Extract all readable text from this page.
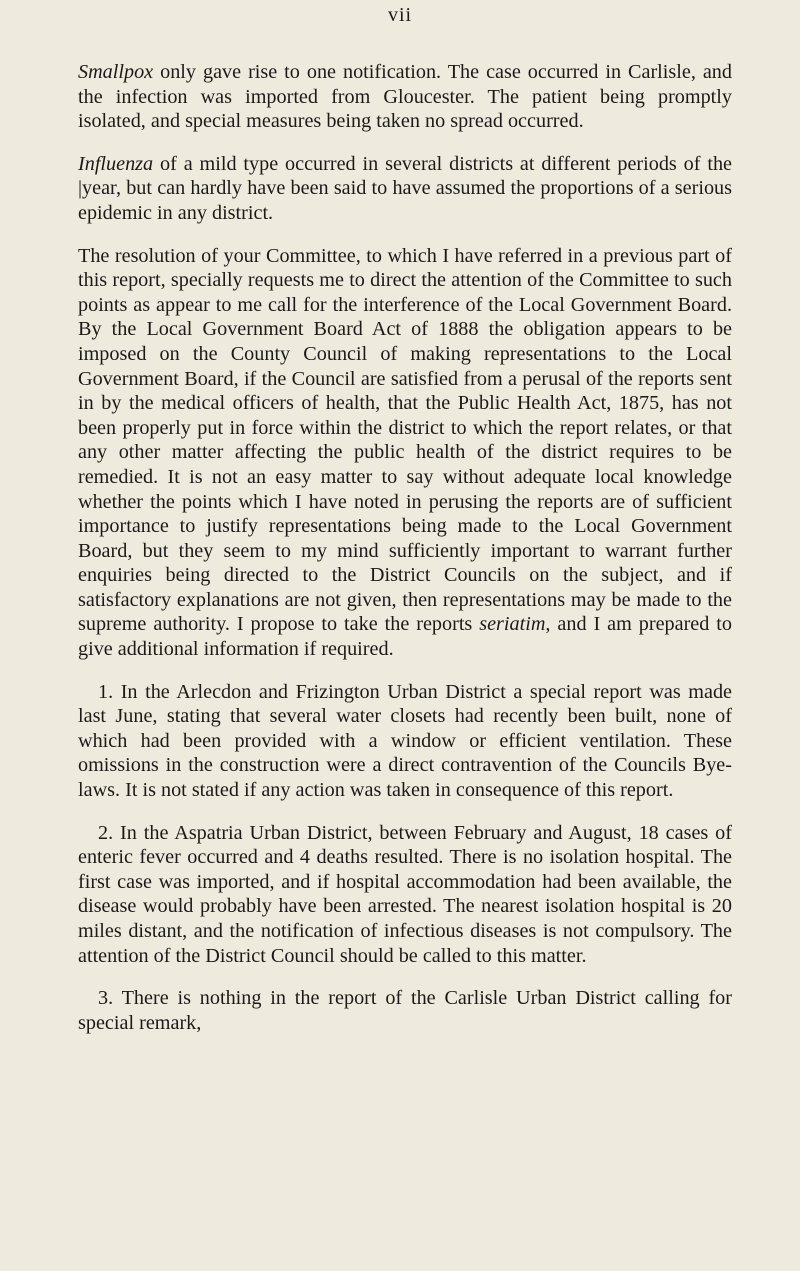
vii

Smallpox only gave rise to one notification. The case occurred in Carlisle, and the infection was imported from Gloucester. The patient being promptly isolated, and special measures being taken no spread occurred.

Influenza of a mild type occurred in several districts at different periods of the |year, but can hardly have been said to have assumed the proportions of a serious epidemic in any district.

The resolution of your Committee, to which I have referred in a previous part of this report, specially requests me to direct the attention of the Committee to such points as appear to me call for the interference of the Local Government Board. By the Local Government Board Act of 1888 the obligation appears to be imposed on the County Council of making representations to the Local Government Board, if the Council are satisfied from a perusal of the reports sent in by the medical officers of health, that the Public Health Act, 1875, has not been properly put in force within the district to which the report relates, or that any other matter affecting the public health of the district requires to be remedied. It is not an easy matter to say without adequate local knowledge whether the points which I have noted in perusing the reports are of sufficient importance to justify representations being made to the Local Government Board, but they seem to my mind sufficiently important to warrant further enquiries being directed to the District Councils on the subject, and if satisfactory explanations are not given, then representations may be made to the supreme authority. I propose to take the reports seriatim, and I am prepared to give additional information if required.

1. In the Arlecdon and Frizington Urban District a special report was made last June, stating that several water closets had recently been built, none of which had been provided with a window or efficient ventilation. These omissions in the construction were a direct contravention of the Councils Bye-laws. It is not stated if any action was taken in consequence of this report.

2. In the Aspatria Urban District, between February and August, 18 cases of enteric fever occurred and 4 deaths resulted. There is no isolation hospital. The first case was imported, and if hospital accommodation had been available, the disease would probably have been arrested. The nearest isolation hospital is 20 miles distant, and the notification of infectious diseases is not compulsory. The attention of the District Council should be called to this matter.

3. There is nothing in the report of the Carlisle Urban District calling for special remark,
